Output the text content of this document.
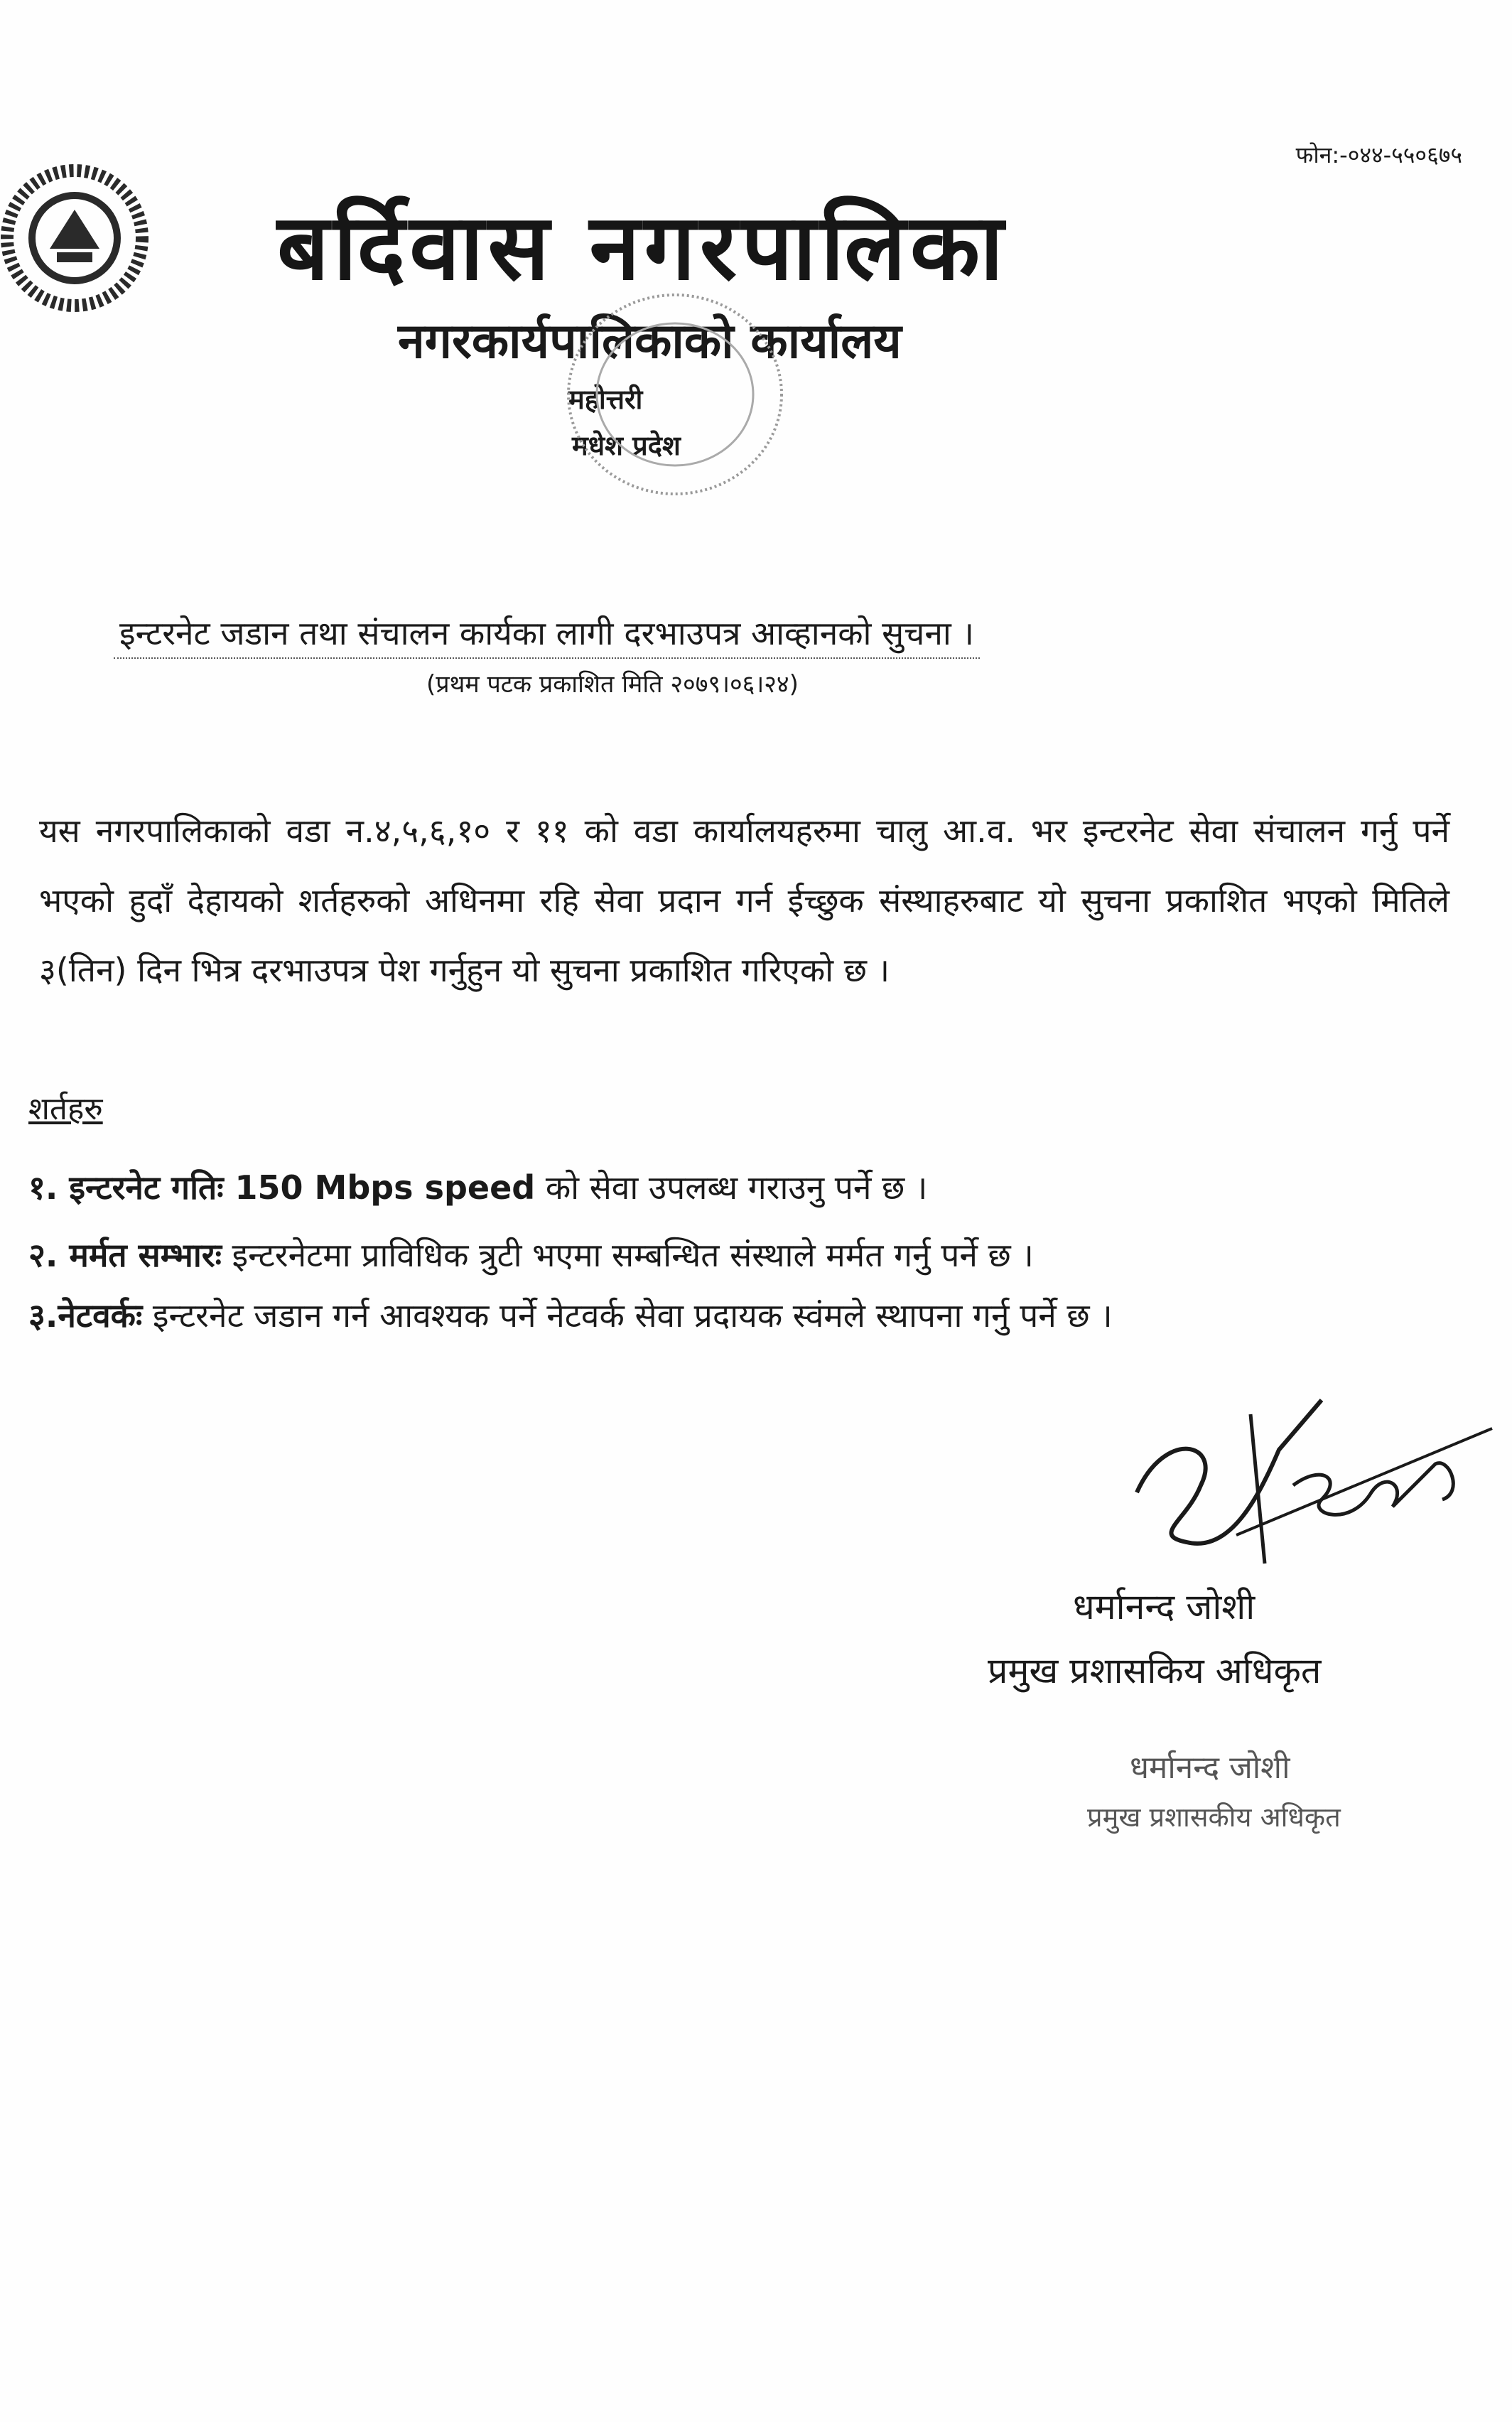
फोन:-०४४-५५०६७५
बर्दिवास नगरपालिका
नगरकार्यपालिकाको कार्यालय
महोत्तरी
मधेश प्रदेश
इन्टरनेट जडान तथा संचालन कार्यका लागी दरभाउपत्र आव्हानको सुचना ।
(प्रथम पटक प्रकाशित मिति २०७९।०६।२४)
यस नगरपालिकाको वडा न.४,५,६,१० र ११ को वडा कार्यालयहरुमा चालु आ.व. भर इन्टरनेट सेवा संचालन गर्नु पर्ने भएको हुदाँ देहायको शर्तहरुको अधिनमा रहि सेवा प्रदान गर्न ईच्छुक संस्थाहरुबाट यो सुचना प्रकाशित भएको मितिले ३(तिन) दिन भित्र दरभाउपत्र पेश गर्नुहुन यो सुचना प्रकाशित गरिएको छ ।
शर्तहरु
१. इन्टरनेट गतिः 150 Mbps speed को सेवा उपलब्ध गराउनु पर्ने छ ।
२. मर्मत सम्भारः इन्टरनेटमा प्राविधिक त्रुटी भएमा सम्बन्धित संस्थाले मर्मत गर्नु पर्ने छ ।
३.नेटवर्कः इन्टरनेट जडान गर्न आवश्यक पर्ने नेटवर्क सेवा प्रदायक स्वंमले स्थापना गर्नु पर्ने छ ।
धर्मानन्द जोशी
प्रमुख प्रशासकिय अधिकृत
धर्मानन्द जोशी
प्रमुख प्रशासकीय अधिकृत
